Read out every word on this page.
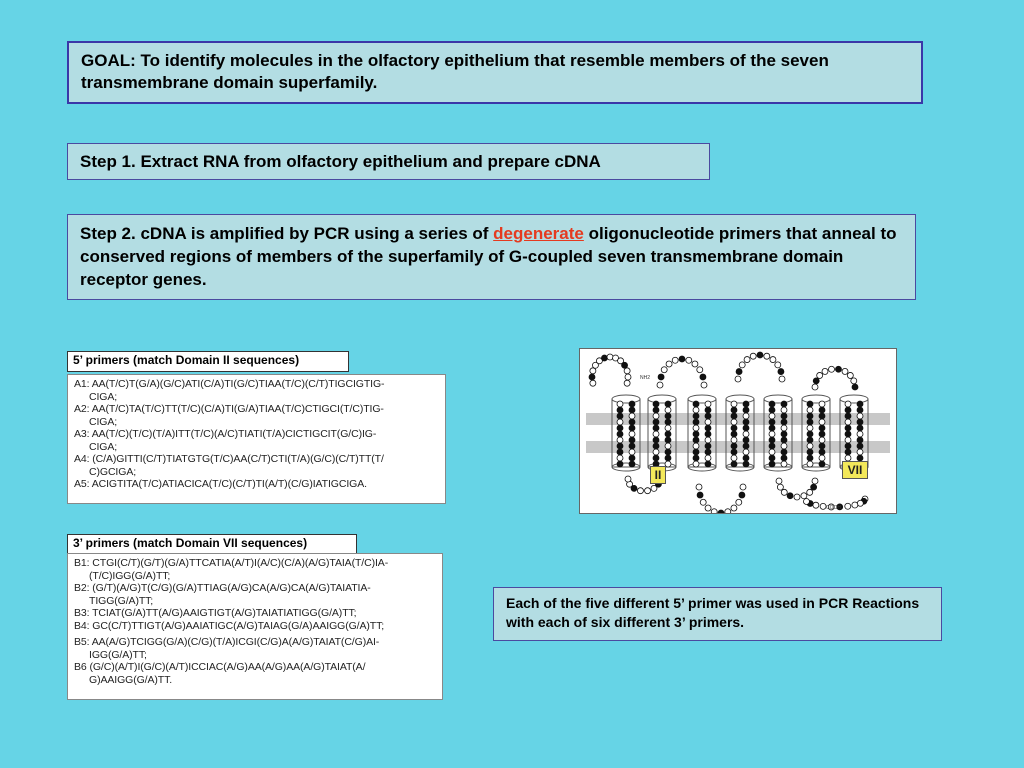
GOAL: To identify molecules in the olfactory epithelium that resemble members of the seven transmembrane domain superfamily.
Step 1. Extract RNA from olfactory epithelium and prepare cDNA
Step 2. cDNA is amplified by PCR using a series of degenerate oligonucleotide primers that anneal to conserved regions of members of the superfamily of G-coupled seven transmembrane domain receptor genes.
5’ primers (match Domain II sequences)
A1: AA(T/C)T(G/A)(G/C)ATI(C/A)TI(G/C)TIAA(T/C)(C/T)TIGCIGTIG-
CIGA;
A2: AA(T/C)TA(T/C)TT(T/C)(C/A)TI(G/A)TIAA(T/C)CTIGCI(T/C)TIG-
CIGA;
A3: AA(T/C)(T/C)(T/A)ITT(T/C)(A/C)TIATI(T/A)CICTIGCIT(G/C)IG-
CIGA;
A4: (C/A)GITTI(C/T)TIATGTG(T/C)AA(C/T)CTI(T/A)(G/C)(C/T)TT(T/
C)GCIGA;
A5: ACIGTITA(T/C)ATIACICA(T/C)(C/T)TI(A/T)(C/G)IATIGCIGA.
3’ primers (match Domain VII sequences)
B1: CTGI(C/T)(G/T)(G/A)TTCATIA(A/T)I(A/C)(C/A)(A/G)TAIA(T/C)IA-
(T/C)IGG(G/A)TT;
B2: (G/T)(A/G)T(C/G)(G/A)TTIAG(A/G)CA(A/G)CA(A/G)TAIATIA-
TIGG(G/A)TT;
B3: TCIAT(G/A)TT(A/G)AAIGTIGT(A/G)TAIATIATIGG(G/A)TT;
B4: GC(C/T)TTIGT(A/G)AAIATIGC(A/G)TAIAG(G/A)AAIGG(G/A)TT;
B5: AA(A/G)TCIGG(G/A)(C/G)(T/A)ICGI(C/G)A(A/G)TAIAT(C/G)AI-
IGG(G/A)TT;
B6 (G/C)(A/T)I(G/C)(A/T)ICCIAC(A/G)AA(A/G)AA(A/G)TAIAT(A/
G)AAIGG(G/A)TT.
NH2
COOH
II	VII
Each of the five different 5’ primer was used in PCR Reactions with each of six different 3’ primers.
